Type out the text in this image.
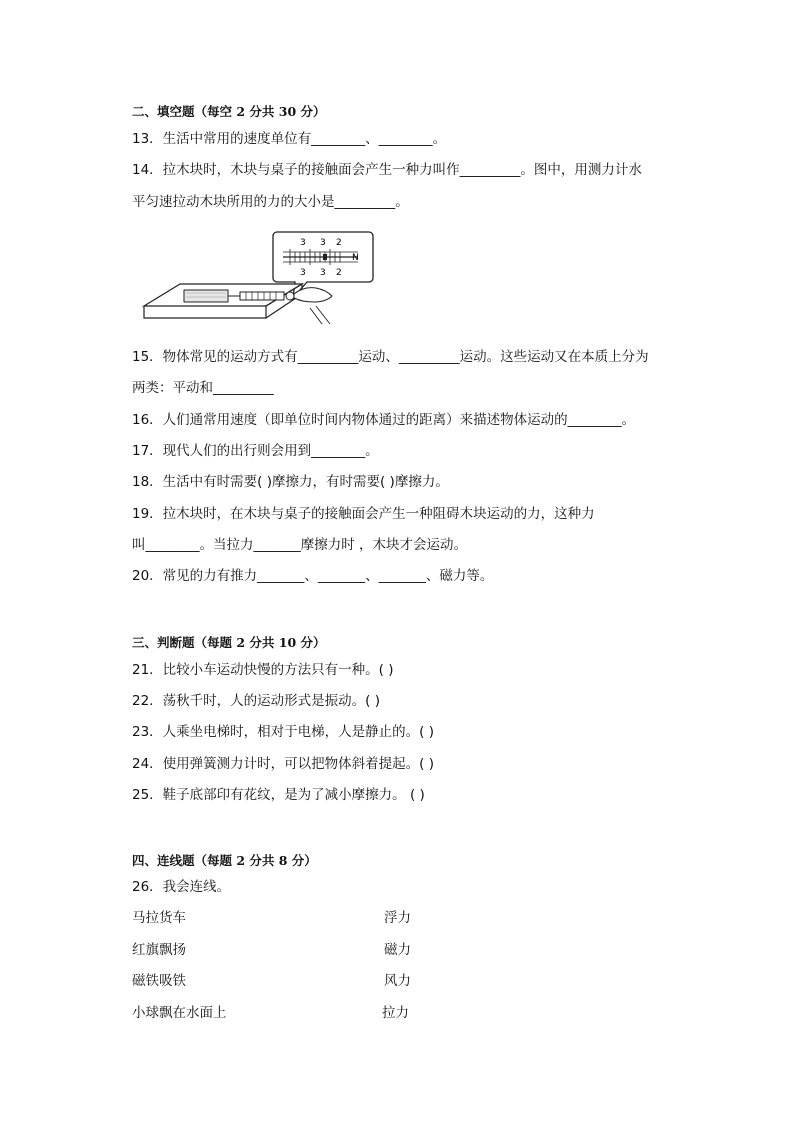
二、填空题（每空 2 分共 30 分）
13．生活中常用的速度单位有________、________。
14．拉木块时，木块与桌子的接触面会产生一种力叫作_________。图中，用测力计水
平匀速拉动木块所用的力的大小是_________。
3 3 2
3 3 2
N
15．物体常见的运动方式有_________运动、_________运动。这些运动又在本质上分为
两类：平动和_________
16．人们通常用速度（即单位时间内物体通过的距离）来描述物体运动的________。
17．现代人们的出行则会用到________。
18．生活中有时需要( )摩擦力，有时需要( )摩擦力。
19．拉木块时，在木块与桌子的接触面会产生一种阻碍木块运动的力，这种力
叫________。当拉力_______摩擦力时 ，木块才会运动。
20．常见的力有推力_______、_______、_______、磁力等。
三、判断题（每题 2 分共 10 分）
21．比较小车运动快慢的方法只有一种。( )
22．荡秋千时，人的运动形式是振动。( )
23．人乘坐电梯时，相对于电梯，人是静止的。( )
24．使用弹簧测力计时，可以把物体斜着提起。( )
25．鞋子底部印有花纹，是为了减小摩擦力。 ( )
四、连线题（每题 2 分共 8 分）
26．我会连线。
马拉货车	浮力
红旗飘扬	磁力
磁铁吸铁	风力
小球飘在水面上	拉力
